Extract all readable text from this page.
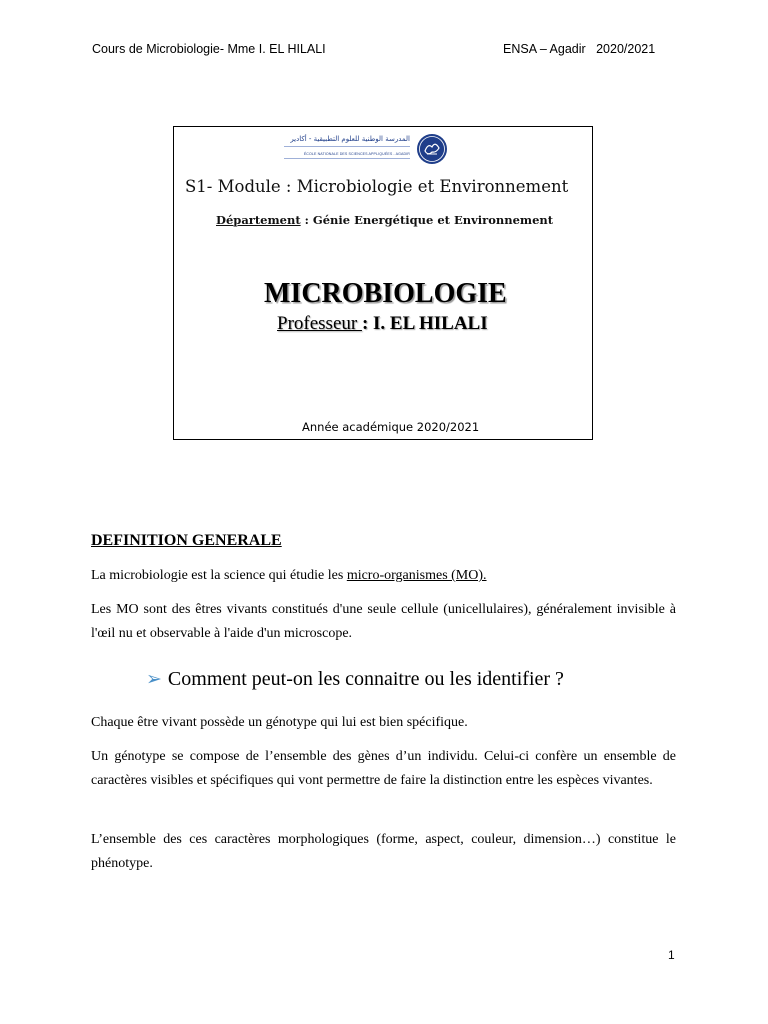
Cours de Microbiologie- Mme I. EL HILALI	ENSA – Agadir   2020/2021
المدرسة الوطنية للعلوم التطبيقية - أكادير
ÉCOLE NATIONALE DES SCIENCES APPLIQUÉES - AGADIR
S1- Module : Microbiologie et Environnement
Département : Génie Energétique et Environnement
MICROBIOLOGIE
Professeur : I. EL HILALI
Année académique 2020/2021
DEFINITION GENERALE
La microbiologie est la science qui étudie les micro-organismes (MO).
Les MO sont des êtres vivants constitués d'une seule cellule (unicellulaires), généralement invisible à l'œil nu et observable à l'aide d'un microscope.
➢ Comment peut-on les connaitre ou les identifier ?
Chaque être vivant possède un génotype qui lui est bien spécifique.
Un génotype se compose de l’ensemble des gènes d’un individu. Celui-ci confère un ensemble de caractères visibles et spécifiques qui vont permettre de faire la distinction entre les espèces vivantes.
L’ensemble des ces caractères morphologiques (forme, aspect, couleur, dimension…) constitue le phénotype.
1
